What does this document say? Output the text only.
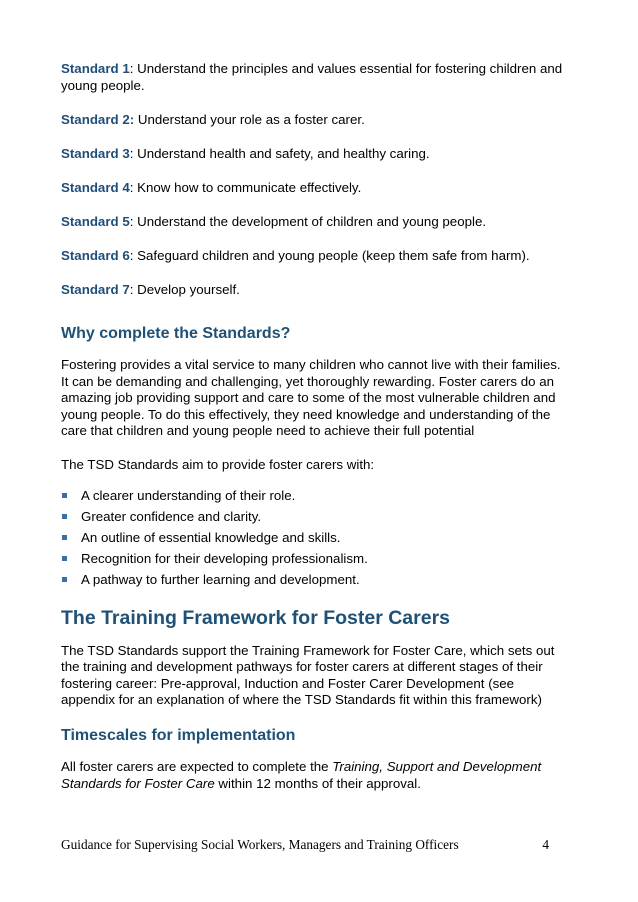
Standard 1: Understand the principles and values essential for fostering children and young people.

Standard 2: Understand your role as a foster carer.

Standard 3: Understand health and safety, and healthy caring.

Standard 4: Know how to communicate effectively.

Standard 5: Understand the development of children and young people.

Standard 6: Safeguard children and young people (keep them safe from harm).

Standard 7: Develop yourself.

Why complete the Standards?

Fostering provides a vital service to many children who cannot live with their families. It can be demanding and challenging, yet thoroughly rewarding. Foster carers do an amazing job providing support and care to some of the most vulnerable children and young people. To do this effectively, they need knowledge and understanding of the care that children and young people need to achieve their full potential

The TSD Standards aim to provide foster carers with:

A clearer understanding of their role.
Greater confidence and clarity.
An outline of essential knowledge and skills.
Recognition for their developing professionalism.
A pathway to further learning and development.
The Training Framework for Foster Carers

The TSD Standards support the Training Framework for Foster Care, which sets out the training and development pathways for foster carers at different stages of their fostering career: Pre-approval, Induction and Foster Carer Development (see appendix for an explanation of where the TSD Standards fit within this framework)

Timescales for implementation

All foster carers are expected to complete the Training, Support and Development Standards for Foster Care within 12 months of their approval.

Guidance for Supervising Social Workers, Managers and Training Officers	4
